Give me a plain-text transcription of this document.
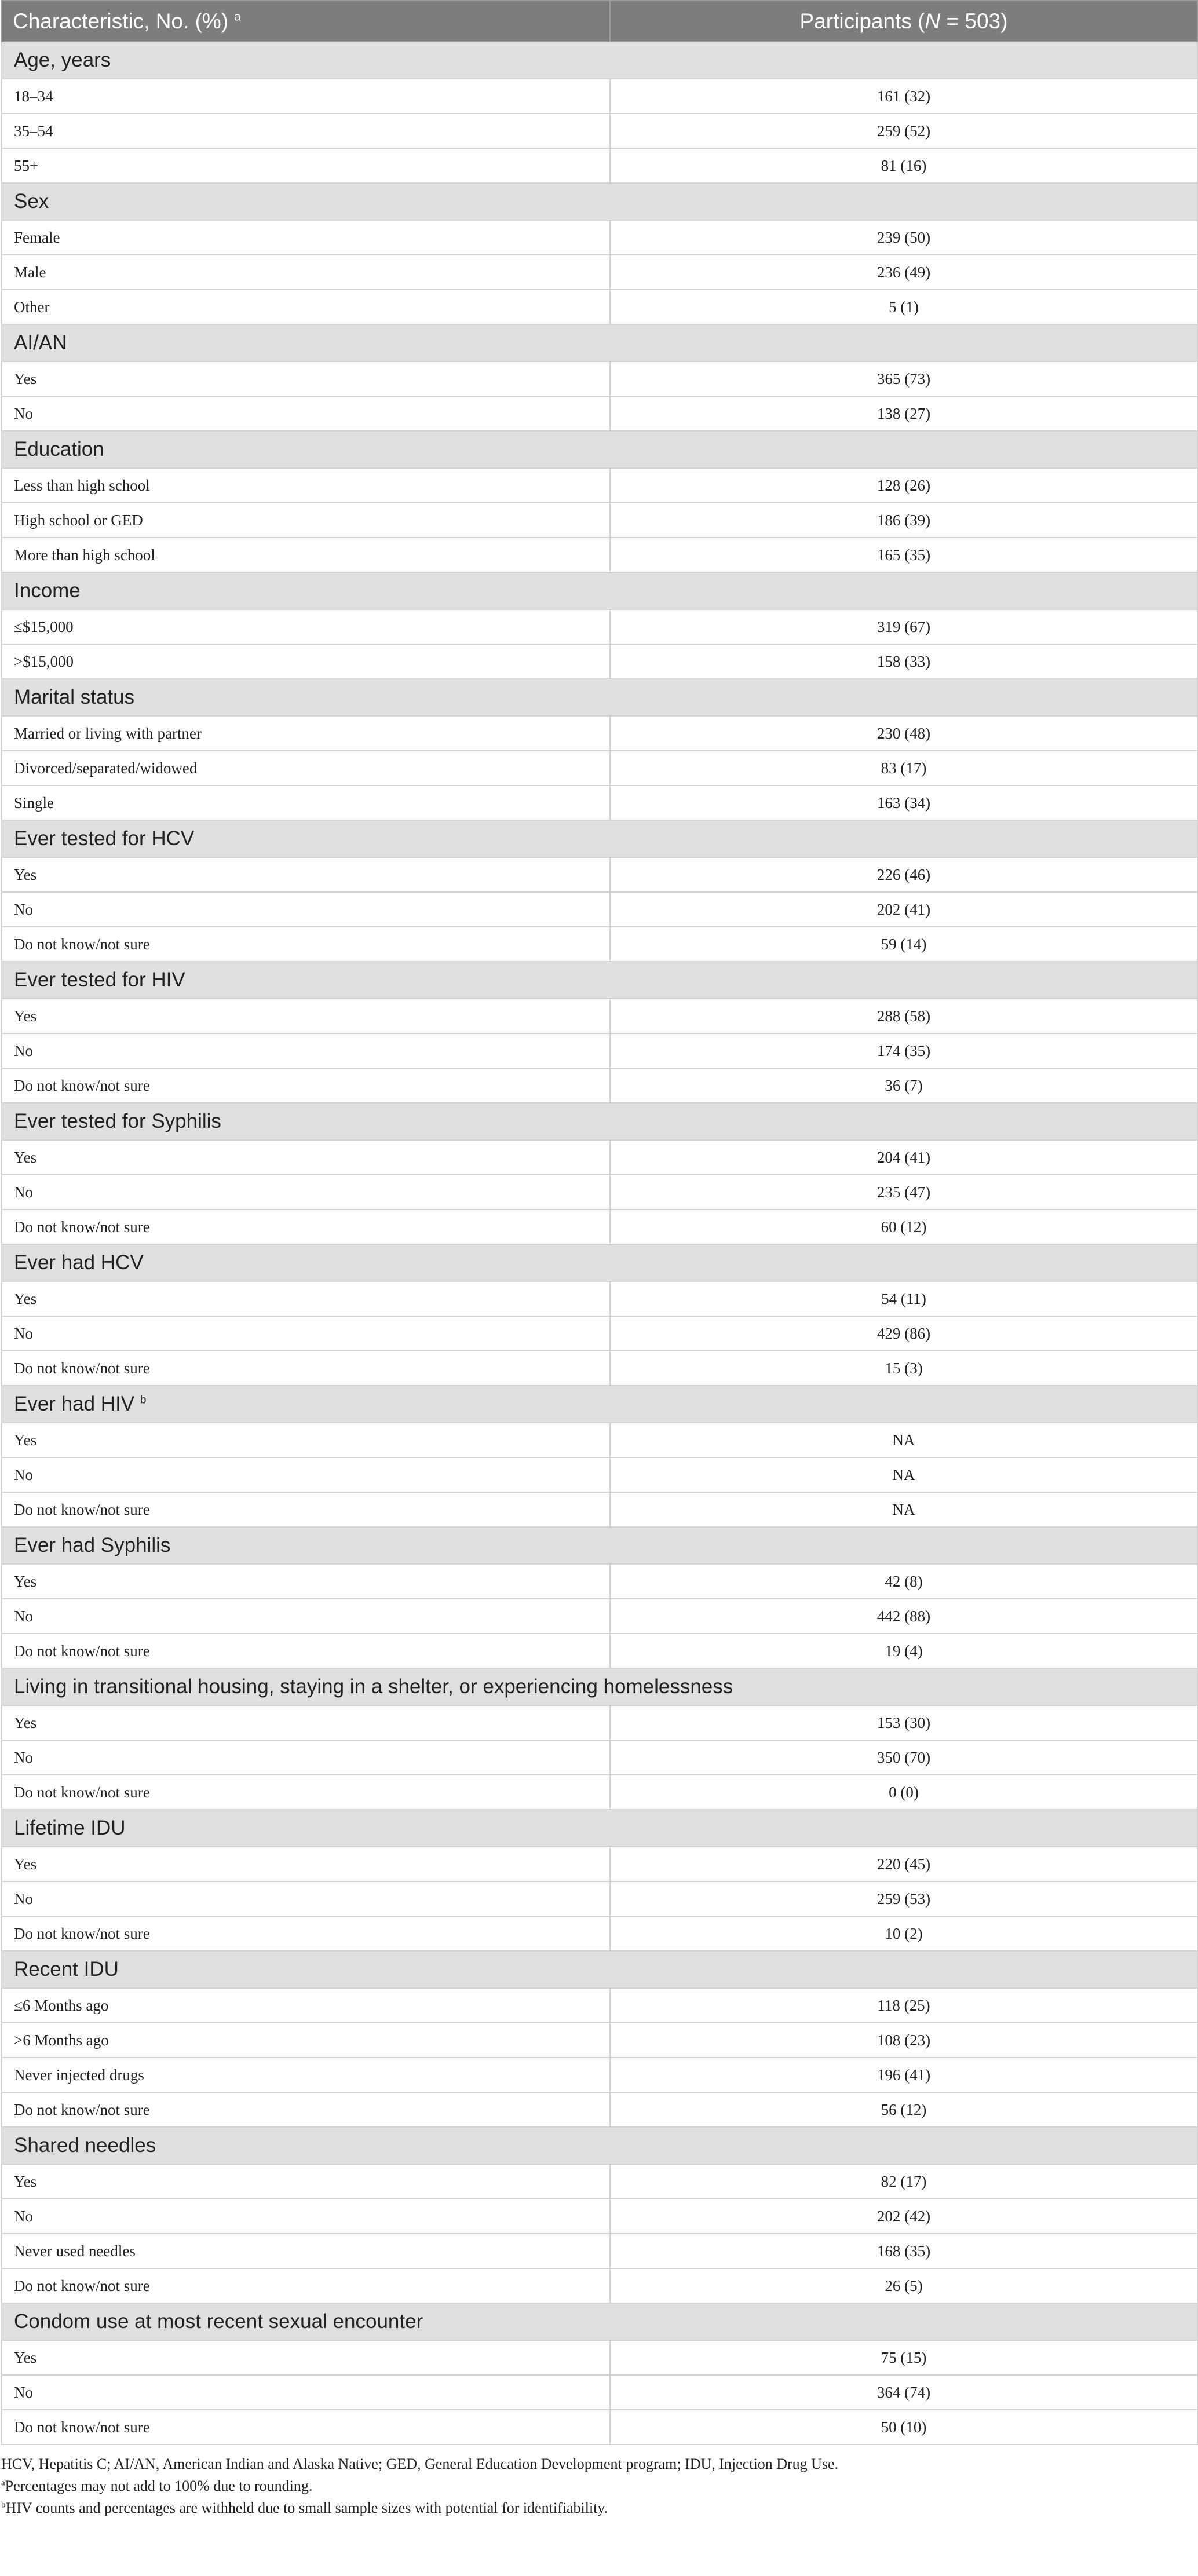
Characteristic, No. (%) $^a$	Participants (N = 503)
Age, years	
18–34	161 (32)
35–54	259 (52)
55+	81 (16)
Sex	
Female	239 (50)
Male	236 (49)
Other	5 (1)
AI/AN	
Yes	365 (73)
No	138 (27)
Education	
Less than high school	128 (26)
High school or GED	186 (39)
More than high school	165 (35)
Income	
≤$15,000	319 (67)
>$15,000	158 (33)
Marital status	
Married or living with partner	230 (48)
Divorced/separated/widowed	83 (17)
Single	163 (34)
Ever tested for HCV	
Yes	226 (46)
No	202 (41)
Do not know/not sure	59 (14)
Ever tested for HIV	
Yes	288 (58)
No	174 (35)
Do not know/not sure	36 (7)
Ever tested for Syphilis	
Yes	204 (41)
No	235 (47)
Do not know/not sure	60 (12)
Ever had HCV	
Yes	54 (11)
No	429 (86)
Do not know/not sure	15 (3)
Ever had HIV $^b$
Yes	NA
No	NA
Do not know/not sure	NA
Ever had Syphilis	
Yes	42 (8)
No	442 (88)
Do not know/not sure	19 (4)
Living in transitional housing, staying in a shelter, or experiencing homelessness	
Yes	153 (30)
No	350 (70)
Do not know/not sure	0 (0)
Lifetime IDU	
Yes	220 (45)
No	259 (53)
Do not know/not sure	10 (2)
Recent IDU	
≤6 Months ago	118 (25)
>6 Months ago	108 (23)
Never injected drugs	196 (41)
Do not know/not sure	56 (12)
Shared needles	
Yes	82 (17)
No	202 (42)
Never used needles	168 (35)
Do not know/not sure	26 (5)
Condom use at most recent sexual encounter	
Yes	75 (15)
No	364 (74)
Do not know/not sure	50 (10)

HCV, Hepatitis C; AI/AN, American Indian and Alaska Native; GED, General Education Development program; IDU, Injection Drug Use.

$^a$Percentages may not add to 100% due to rounding.

$^b$HIV counts and percentages are withheld due to small sample sizes with potential for identifiability.
